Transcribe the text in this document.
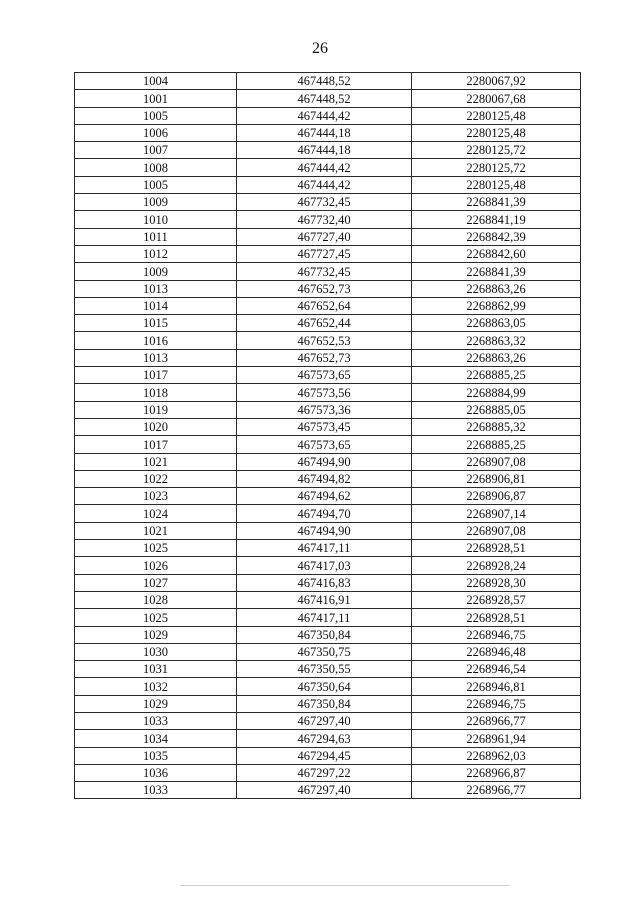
26
1004	467448,52	2280067,92
1001	467448,52	2280067,68
1005	467444,42	2280125,48
1006	467444,18	2280125,48
1007	467444,18	2280125,72
1008	467444,42	2280125,72
1005	467444,42	2280125,48
1009	467732,45	2268841,39
1010	467732,40	2268841,19
1011	467727,40	2268842,39
1012	467727,45	2268842,60
1009	467732,45	2268841,39
1013	467652,73	2268863,26
1014	467652,64	2268862,99
1015	467652,44	2268863,05
1016	467652,53	2268863,32
1013	467652,73	2268863,26
1017	467573,65	2268885,25
1018	467573,56	2268884,99
1019	467573,36	2268885,05
1020	467573,45	2268885,32
1017	467573,65	2268885,25
1021	467494,90	2268907,08
1022	467494,82	2268906,81
1023	467494,62	2268906,87
1024	467494,70	2268907,14
1021	467494,90	2268907,08
1025	467417,11	2268928,51
1026	467417,03	2268928,24
1027	467416,83	2268928,30
1028	467416,91	2268928,57
1025	467417,11	2268928,51
1029	467350,84	2268946,75
1030	467350,75	2268946,48
1031	467350,55	2268946,54
1032	467350,64	2268946,81
1029	467350,84	2268946,75
1033	467297,40	2268966,77
1034	467294,63	2268961,94
1035	467294,45	2268962,03
1036	467297,22	2268966,87
1033	467297,40	2268966,77
